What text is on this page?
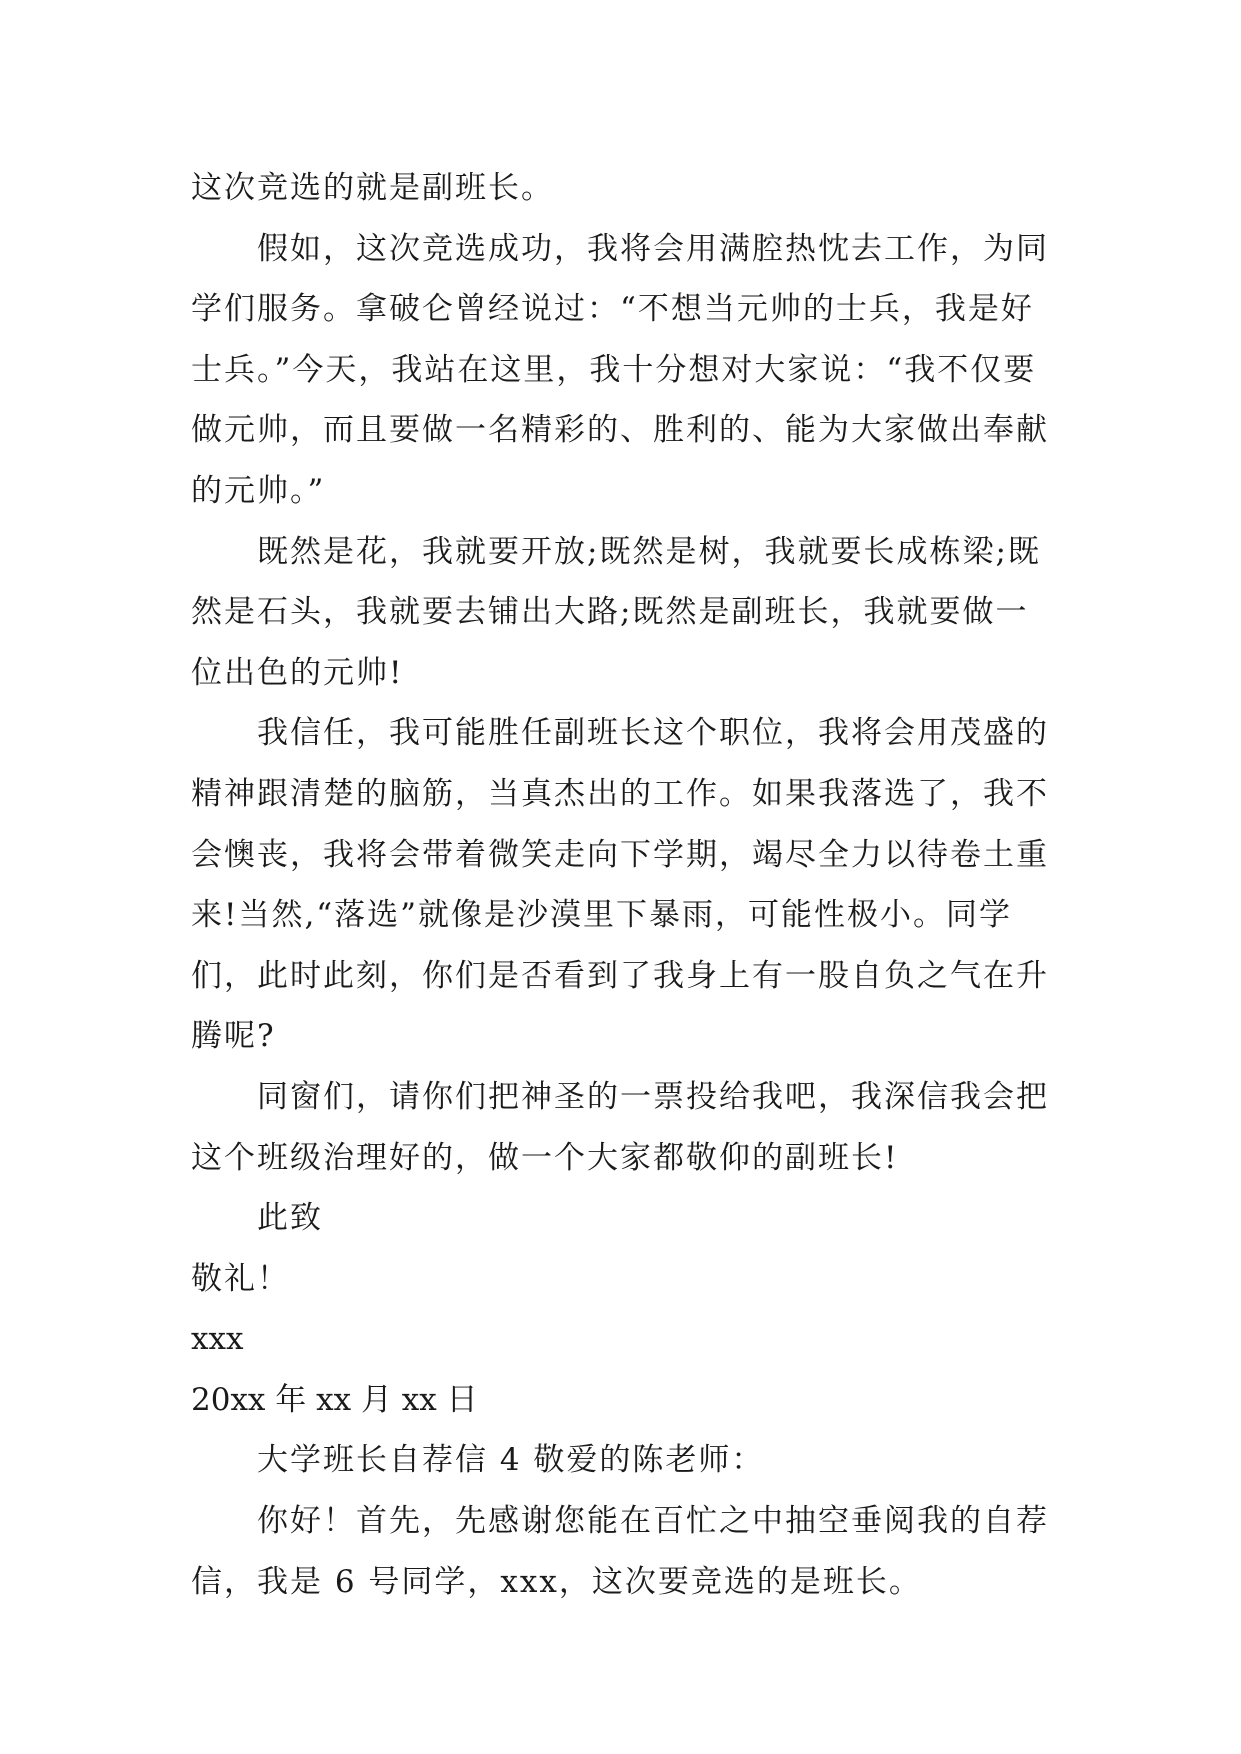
这次竞选的就是副班长。
假如，这次竞选成功，我将会用满腔热忱去工作，为同
学们服务。拿破仑曾经说过：“不想当元帅的士兵，我是好
士兵。”今天，我站在这里，我十分想对大家说：“我不仅要
做元帅，而且要做一名精彩的、胜利的、能为大家做出奉献
的元帅。”
既然是花，我就要开放;既然是树，我就要长成栋梁;既
然是石头，我就要去铺出大路;既然是副班长，我就要做一
位出色的元帅!
我信任，我可能胜任副班长这个职位，我将会用茂盛的
精神跟清楚的脑筋，当真杰出的工作。如果我落选了，我不
会懊丧，我将会带着微笑走向下学期，竭尽全力以待卷土重
来!当然,“落选”就像是沙漠里下暴雨，可能性极小。同学
们，此时此刻，你们是否看到了我身上有一股自负之气在升
腾呢?
同窗们，请你们把神圣的一票投给我吧，我深信我会把
这个班级治理好的，做一个大家都敬仰的副班长!
此致
敬礼！
xxx
20xx 年 xx 月 xx 日
大学班长自荐信 4 敬爱的陈老师：
你好！首先，先感谢您能在百忙之中抽空垂阅我的自荐
信，我是 6 号同学，xxx，这次要竞选的是班长。
